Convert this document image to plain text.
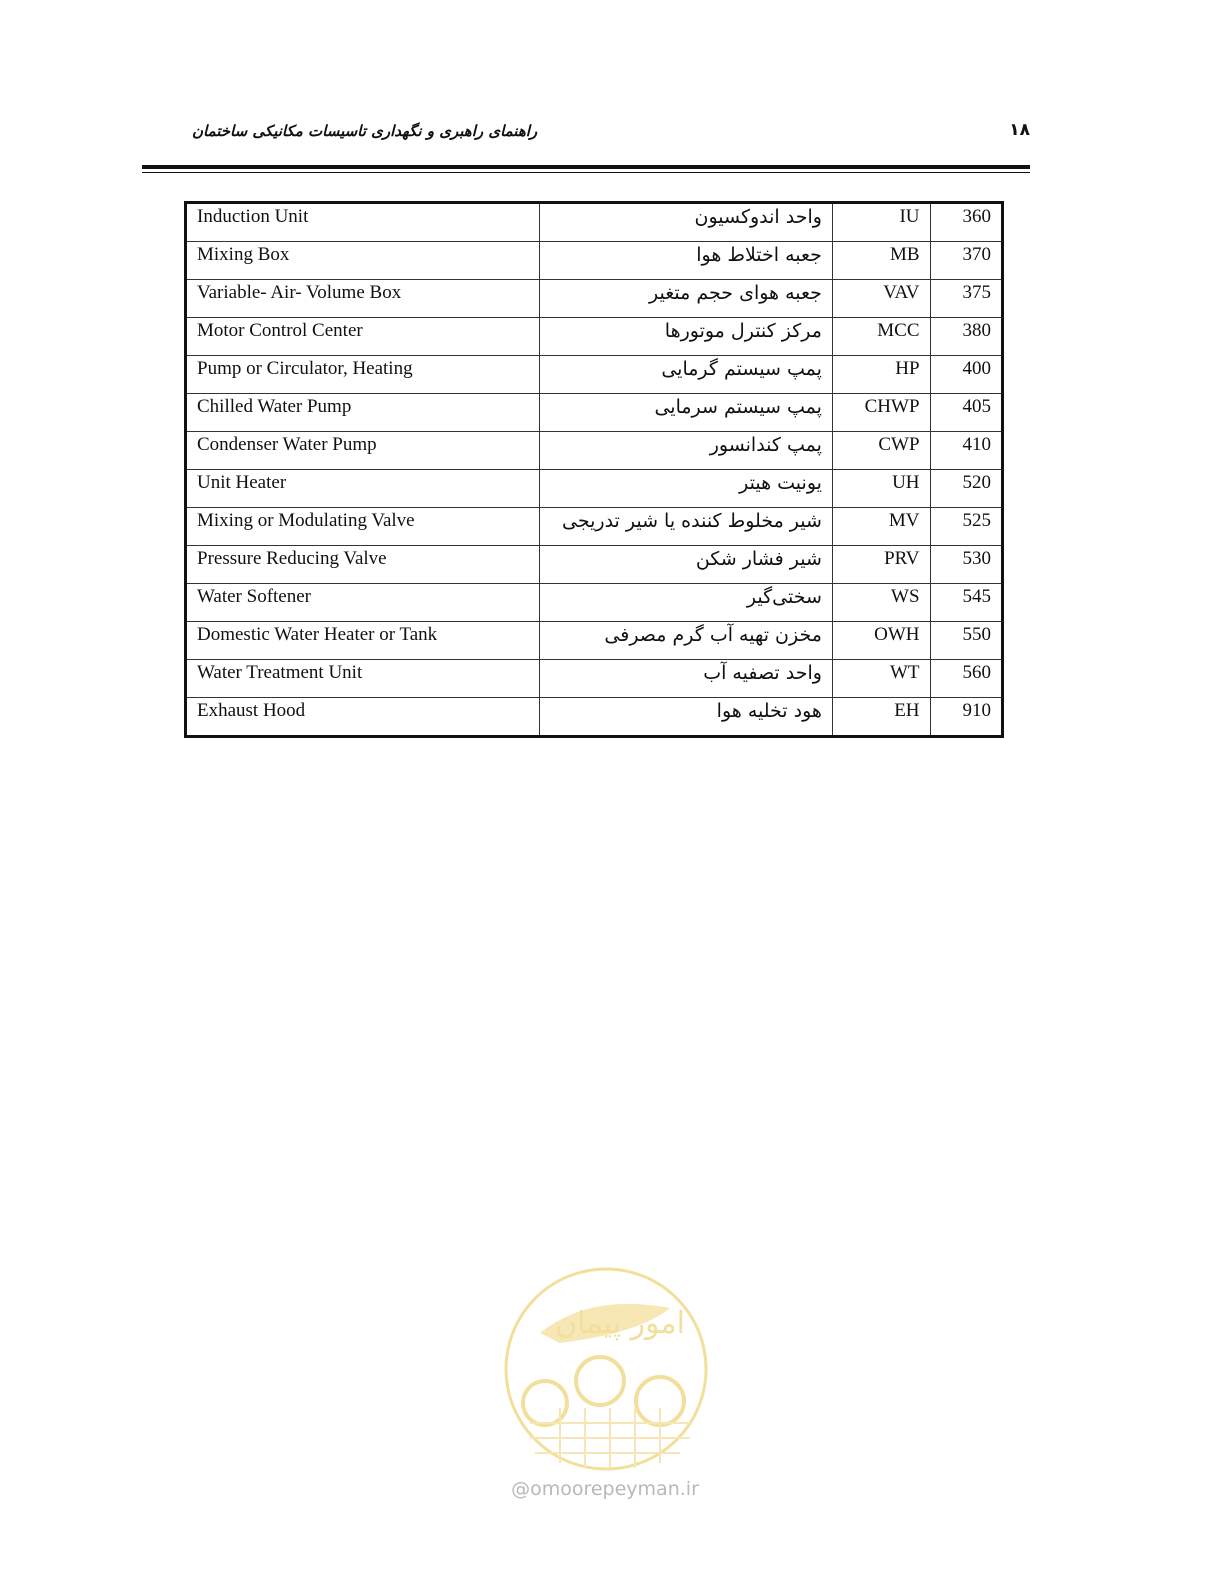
راهنمای راهبری و نگهداری تاسیسات مکانیکی ساختمان	۱۸
Induction Unit	واحد اندوکسیون	IU	360
Mixing Box	جعبه اختلاط هوا	MB	370
Variable- Air- Volume Box	جعبه هوای حجم متغیر	VAV	375
Motor Control Center	مرکز کنترل موتورها	MCC	380
Pump or Circulator, Heating	پمپ سیستم گرمایی	HP	400
Chilled Water Pump	پمپ سیستم سرمایی	CHWP	405
Condenser Water Pump	پمپ کندانسور	CWP	410
Unit Heater	یونیت هیتر	UH	520
Mixing or Modulating Valve	شیر مخلوط کننده یا شیر تدریجی	MV	525
Pressure Reducing Valve	شیر فشار شکن	PRV	530
Water Softener	سختی‌گیر	WS	545
Domestic Water Heater or Tank	مخزن تهیه آب گرم مصرفی	OWH	550
Water Treatment Unit	واحد تصفیه آب	WT	560
Exhaust Hood	هود تخلیه هوا	EH	910
امور پیمان
@omoorepeyman.ir
